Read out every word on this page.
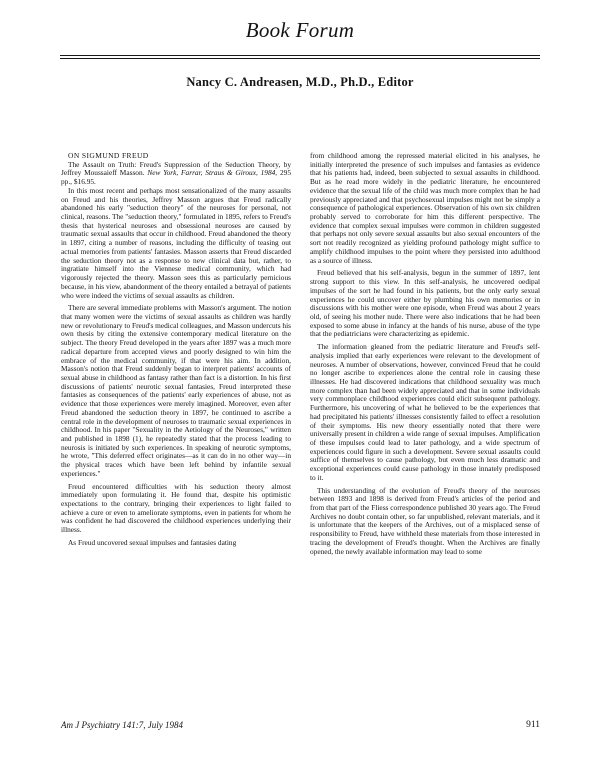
Book Forum
Nancy C. Andreasen, M.D., Ph.D., Editor

ON SIGMUND FREUD

The Assault on Truth: Freud's Suppression of the Seduction Theory, by Jeffrey Moussaieff Masson. New York, Farrar, Straus & Giroux, 1984, 295 pp., $16.95.

In this most recent and perhaps most sensationalized of the many assaults on Freud and his theories, Jeffrey Masson argues that Freud radically abandoned his early "seduction theory" of the neuroses for personal, not clinical, reasons. The "seduction theory," formulated in 1895, refers to Freud's thesis that hysterical neuroses and obsessional neuroses are caused by traumatic sexual assaults that occur in childhood. Freud abandoned the theory in 1897, citing a number of reasons, including the difficulty of teasing out actual memories from patients' fantasies. Masson asserts that Freud discarded the seduction theory not as a response to new clinical data but, rather, to ingratiate himself into the Viennese medical community, which had vigorously rejected the theory. Masson sees this as particularly pernicious because, in his view, abandonment of the theory entailed a betrayal of patients who were indeed the victims of sexual assaults as children.

There are several immediate problems with Masson's argument. The notion that many women were the victims of sexual assaults as children was hardly new or revolutionary to Freud's medical colleagues, and Masson undercuts his own thesis by citing the extensive contemporary medical literature on the subject. The theory Freud developed in the years after 1897 was a much more radical departure from accepted views and poorly designed to win him the embrace of the medical community, if that were his aim. In addition, Masson's notion that Freud suddenly began to interpret patients' accounts of sexual abuse in childhood as fantasy rather than fact is a distortion. In his first discussions of patients' neurotic sexual fantasies, Freud interpreted these fantasies as consequences of the patients' early experiences of abuse, not as evidence that those experiences were merely imagined. Moreover, even after Freud abandoned the seduction theory in 1897, he continued to ascribe a central role in the development of neuroses to traumatic sexual experiences in childhood. In his paper "Sexuality in the Aetiology of the Neuroses," written and published in 1898 (1), he repeatedly stated that the process leading to neurosis is initiated by such experiences. In speaking of neurotic symptoms, he wrote, "This deferred effect originates—as it can do in no other way—in the physical traces which have been left behind by infantile sexual experiences."

Freud encountered difficulties with his seduction theory almost immediately upon formulating it. He found that, despite his optimistic expectations to the contrary, bringing their experiences to light failed to achieve a cure or even to ameliorate symptoms, even in patients for whom he was confident he had discovered the childhood experiences underlying their illness.

As Freud uncovered sexual impulses and fantasies dating

from childhood among the repressed material elicited in his analyses, he initially interpreted the presence of such impulses and fantasies as evidence that his patients had, indeed, been subjected to sexual assaults in childhood. But as he read more widely in the pediatric literature, he encountered evidence that the sexual life of the child was much more complex than he had previously appreciated and that psychosexual impulses might not be simply a consequence of pathological experiences. Observation of his own six children probably served to corroborate for him this different perspective. The evidence that complex sexual impulses were common in children suggested that perhaps not only severe sexual assaults but also sexual encounters of the sort not readily recognized as yielding profound pathology might suffice to amplify childhood impulses to the point where they persisted into adulthood as a source of illness.

Freud believed that his self-analysis, begun in the summer of 1897, lent strong support to this view. In this self-analysis, he uncovered oedipal impulses of the sort he had found in his patients, but the only early sexual experiences he could uncover either by plumbing his own memories or in discussions with his mother were one episode, when Freud was about 2 years old, of seeing his mother nude. There were also indications that he had been exposed to some abuse in infancy at the hands of his nurse, abuse of the type that the pediatricians were characterizing as epidemic.

The information gleaned from the pediatric literature and Freud's self-analysis implied that early experiences were relevant to the development of neuroses. A number of observations, however, convinced Freud that he could no longer ascribe to experiences alone the central role in causing these illnesses. He had discovered indications that childhood sexuality was much more complex than had been widely appreciated and that in some individuals very commonplace childhood experiences could elicit subsequent pathology. Furthermore, his uncovering of what he believed to be the experiences that had precipitated his patients' illnesses consistently failed to effect a resolution of their symptoms. His new theory essentially noted that there were universally present in children a wide range of sexual impulses. Amplification of these impulses could lead to later pathology, and a wide spectrum of experiences could figure in such a development. Severe sexual assaults could suffice of themselves to cause pathology, but even much less dramatic and exceptional experiences could cause pathology in those innately predisposed to it.

This understanding of the evolution of Freud's theory of the neuroses between 1893 and 1898 is derived from Freud's articles of the period and from that part of the Fliess correspondence published 30 years ago. The Freud Archives no doubt contain other, so far unpublished, relevant materials, and it is unfortunate that the keepers of the Archives, out of a misplaced sense of responsibility to Freud, have withheld these materials from those interested in tracing the development of Freud's thought. When the Archives are finally opened, the newly available information may lead to some

Am J Psychiatry 141:7, July 1984	911
